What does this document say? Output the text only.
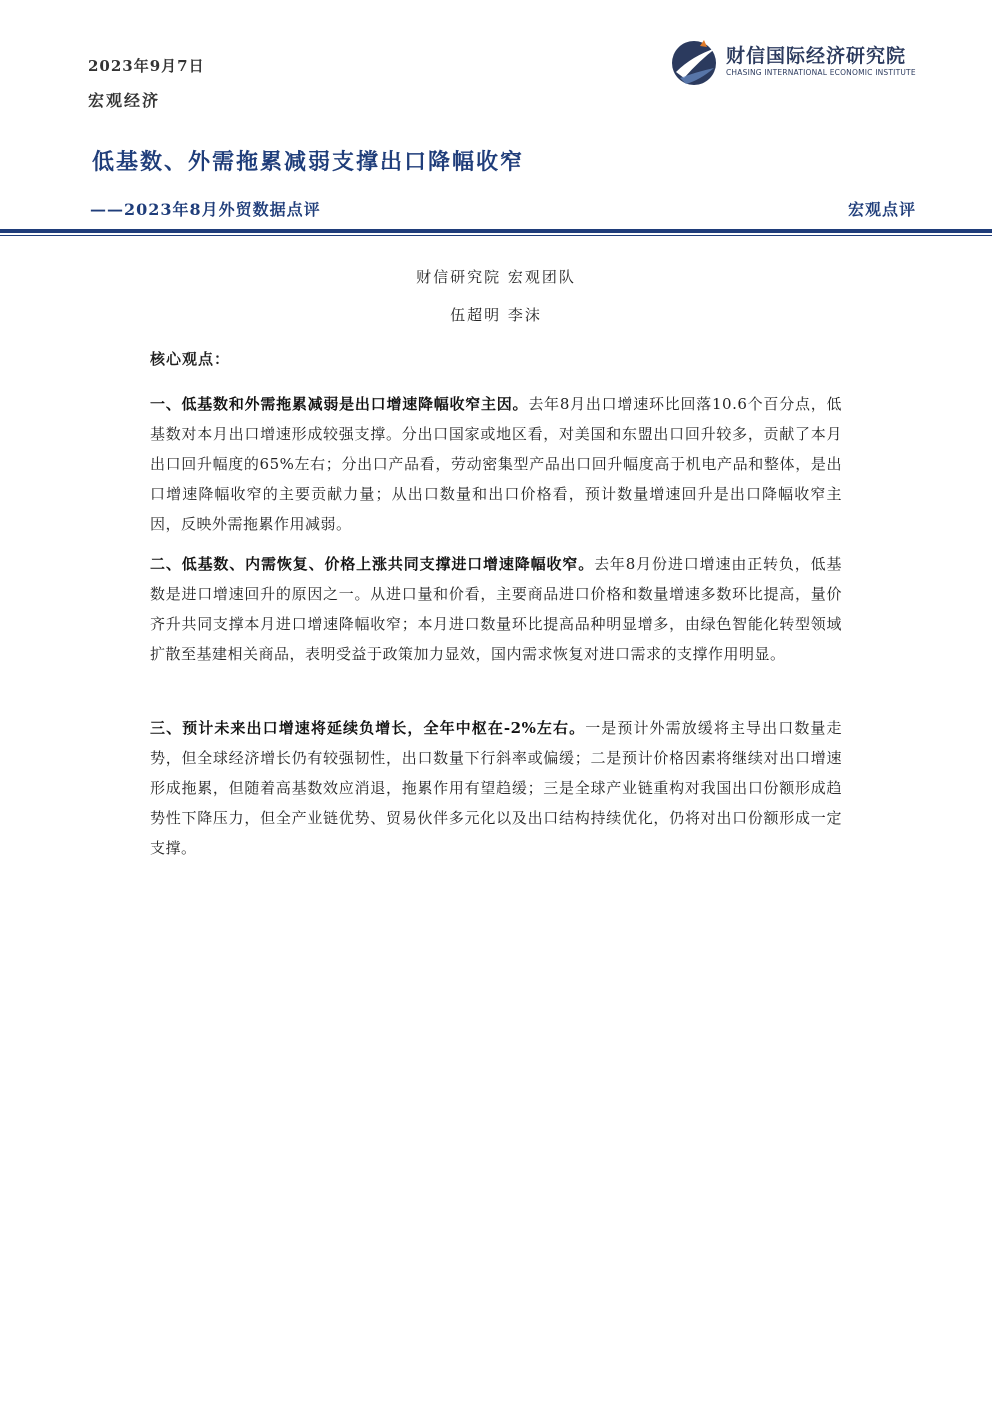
2023年9月7日
宏观经济
财信国际经济研究院
CHASING INTERNATIONAL ECONOMIC INSTITUTE
低基数、外需拖累减弱支撑出口降幅收窄
——2023年8月外贸数据点评	宏观点评
财信研究院 宏观团队
伍超明 李沫
核心观点：
一、低基数和外需拖累减弱是出口增速降幅收窄主因。去年8月出口增速环比回落10.6个百分点，低基数对本月出口增速形成较强支撑。分出口国家或地区看，对美国和东盟出口回升较多，贡献了本月出口回升幅度的65%左右；分出口产品看，劳动密集型产品出口回升幅度高于机电产品和整体，是出口增速降幅收窄的主要贡献力量；从出口数量和出口价格看，预计数量增速回升是出口降幅收窄主因，反映外需拖累作用减弱。
二、低基数、内需恢复、价格上涨共同支撑进口增速降幅收窄。去年8月份进口增速由正转负，低基数是进口增速回升的原因之一。从进口量和价看，主要商品进口价格和数量增速多数环比提高，量价齐升共同支撑本月进口增速降幅收窄；本月进口数量环比提高品种明显增多，由绿色智能化转型领域扩散至基建相关商品，表明受益于政策加力显效，国内需求恢复对进口需求的支撑作用明显。
三、预计未来出口增速将延续负增长，全年中枢在-2%左右。一是预计外需放缓将主导出口数量走势，但全球经济增长仍有较强韧性，出口数量下行斜率或偏缓；二是预计价格因素将继续对出口增速形成拖累，但随着高基数效应消退，拖累作用有望趋缓；三是全球产业链重构对我国出口份额形成趋势性下降压力，但全产业链优势、贸易伙伴多元化以及出口结构持续优化，仍将对出口份额形成一定支撑。
